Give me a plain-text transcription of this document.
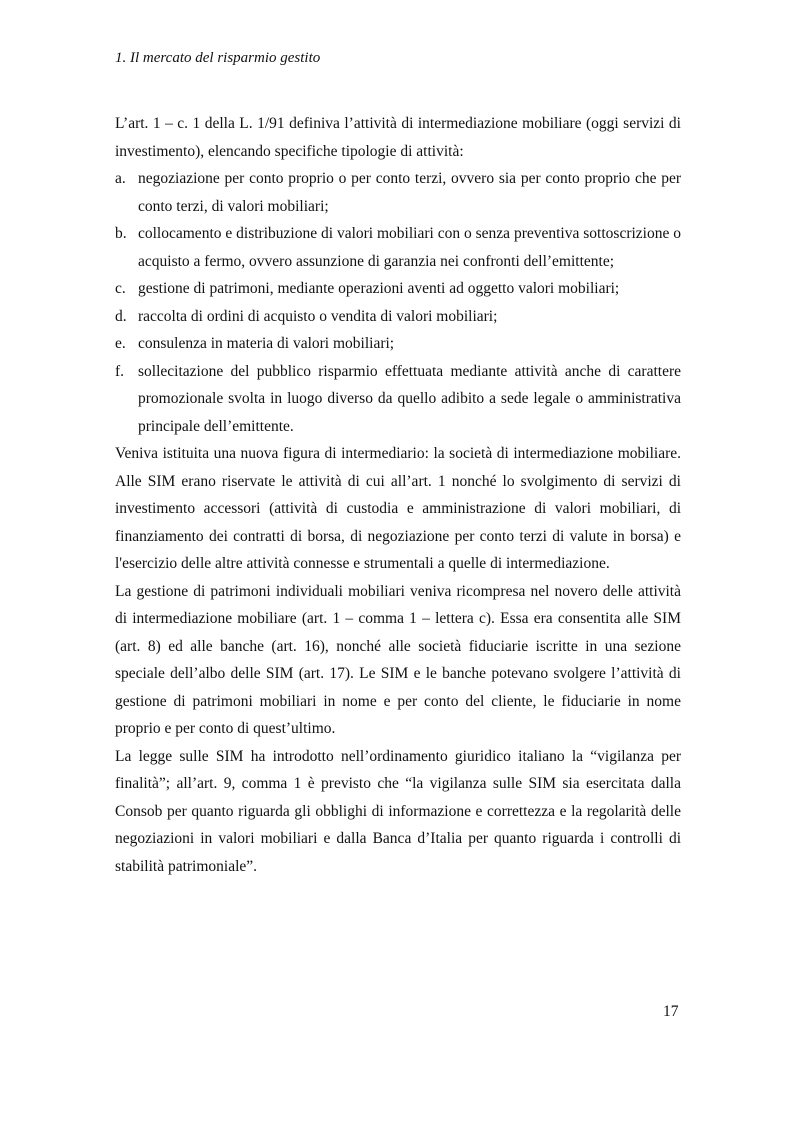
1. Il mercato del risparmio gestito

L’art. 1 – c. 1 della L. 1/91 definiva l’attività di intermediazione mobiliare (oggi servizi di investimento), elencando specifiche tipologie di attività:

a. negoziazione per conto proprio o per conto terzi, ovvero sia per conto proprio che per conto terzi, di valori mobiliari;
b. collocamento e distribuzione di valori mobiliari con o senza preventiva sottoscrizione o acquisto a fermo, ovvero assunzione di garanzia nei confronti dell’emittente;
c. gestione di patrimoni, mediante operazioni aventi ad oggetto valori mobiliari;
d. raccolta di ordini di acquisto o vendita di valori mobiliari;
e. consulenza in materia di valori mobiliari;
f. sollecitazione del pubblico risparmio effettuata mediante attività anche di carattere promozionale svolta in luogo diverso da quello adibito a sede legale o amministrativa principale dell’emittente.

Veniva istituita una nuova figura di intermediario: la società di intermediazione mobiliare. Alle SIM erano riservate le attività di cui all’art. 1 nonché lo svolgimento di servizi di investimento accessori (attività di custodia e amministrazione di valori mobiliari, di finanziamento dei contratti di borsa, di negoziazione per conto terzi di valute in borsa) e l'esercizio delle altre attività connesse e strumentali a quelle di intermediazione.

La gestione di patrimoni individuali mobiliari veniva ricompresa nel novero delle attività di intermediazione mobiliare (art. 1 – comma 1 – lettera c). Essa era consentita alle SIM (art. 8) ed alle banche (art. 16), nonché alle società fiduciarie iscritte in una sezione speciale dell’albo delle SIM (art. 17). Le SIM e le banche potevano svolgere l’attività di gestione di patrimoni mobiliari in nome e per conto del cliente, le fiduciarie in nome proprio e per conto di quest’ultimo.

La legge sulle SIM ha introdotto nell’ordinamento giuridico italiano la “vigilanza per finalità”; all’art. 9, comma 1 è previsto che “la vigilanza sulle SIM sia esercitata dalla Consob per quanto riguarda gli obblighi di informazione e correttezza e la regolarità delle negoziazioni in valori mobiliari e dalla Banca d’Italia per quanto riguarda i controlli di stabilità patrimoniale”.

17
